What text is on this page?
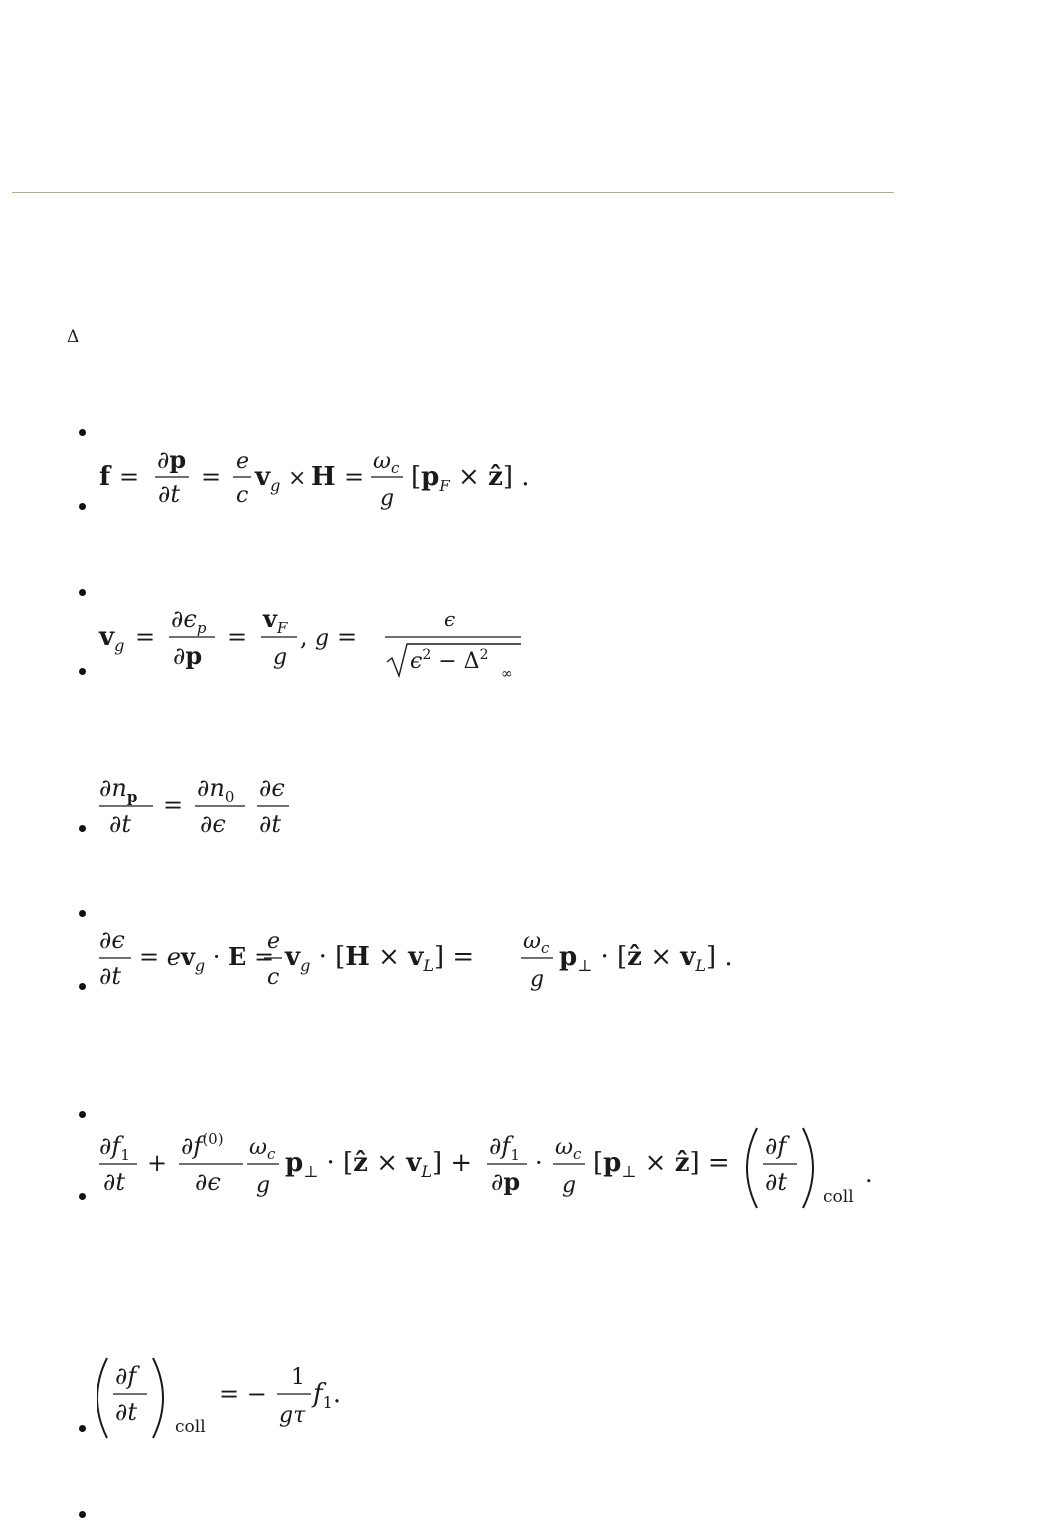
Δ
f =
∂p
∂t
=
e
c
$v_g \times H$ =
$\omega_c$
g
[$p_F$ × ẑ] .
$v_g$ =
$\partial\epsilon_p$
∂p
=
$v_F$
g
, g =
ϵ
$\epsilon^2 - \Delta^2$
∞
$\partial n_p$
∂t
=
$\partial n_0$
∂ϵ
∂ϵ
∂t
∂ϵ
∂t
= $ev_g \cdot E$ =
e
c
$v_g \cdot [H \times v_L]$ =
$\omega_c$
g
$p_\perp$ · [ẑ × $v_L$] .
$\partial f_1$
∂t
+
$\partial f^{(0)}$
∂ϵ
$\omega_c$
g
$p_\perp$ · [ẑ × $v_L$] +
$\partial f_1$
∂p
·
$\omega_c$
g
[$p_\perp$ × ẑ] =
∂f
∂t
coll
.
∂f
∂t
coll
= −
1
gτ
$f_1$.
